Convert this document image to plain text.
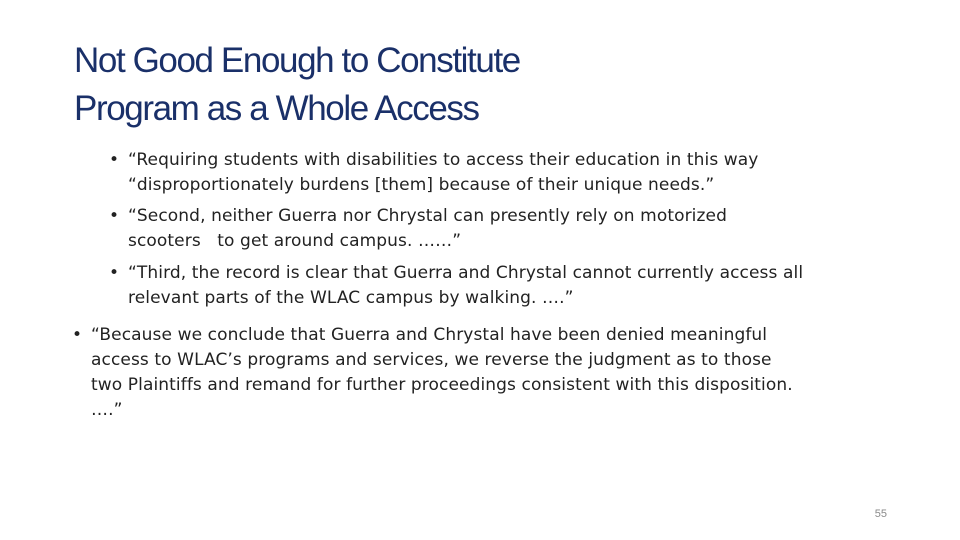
Not Good Enough to Constitute
Program as a Whole Access
• “Requiring students with disabilities to access their education in this way
“disproportionately burdens [them] because of their unique needs.”
• “Second, neither Guerra nor Chrystal can presently rely on motorized
scooters   to get around campus. ……”
• “Third, the record is clear that Guerra and Chrystal cannot currently access all
relevant parts of the WLAC campus by walking. ….”
• “Because we conclude that Guerra and Chrystal have been denied meaningful
access to WLAC’s programs and services, we reverse the judgment as to those
two Plaintiffs and remand for further proceedings consistent with this disposition.
….”
55
